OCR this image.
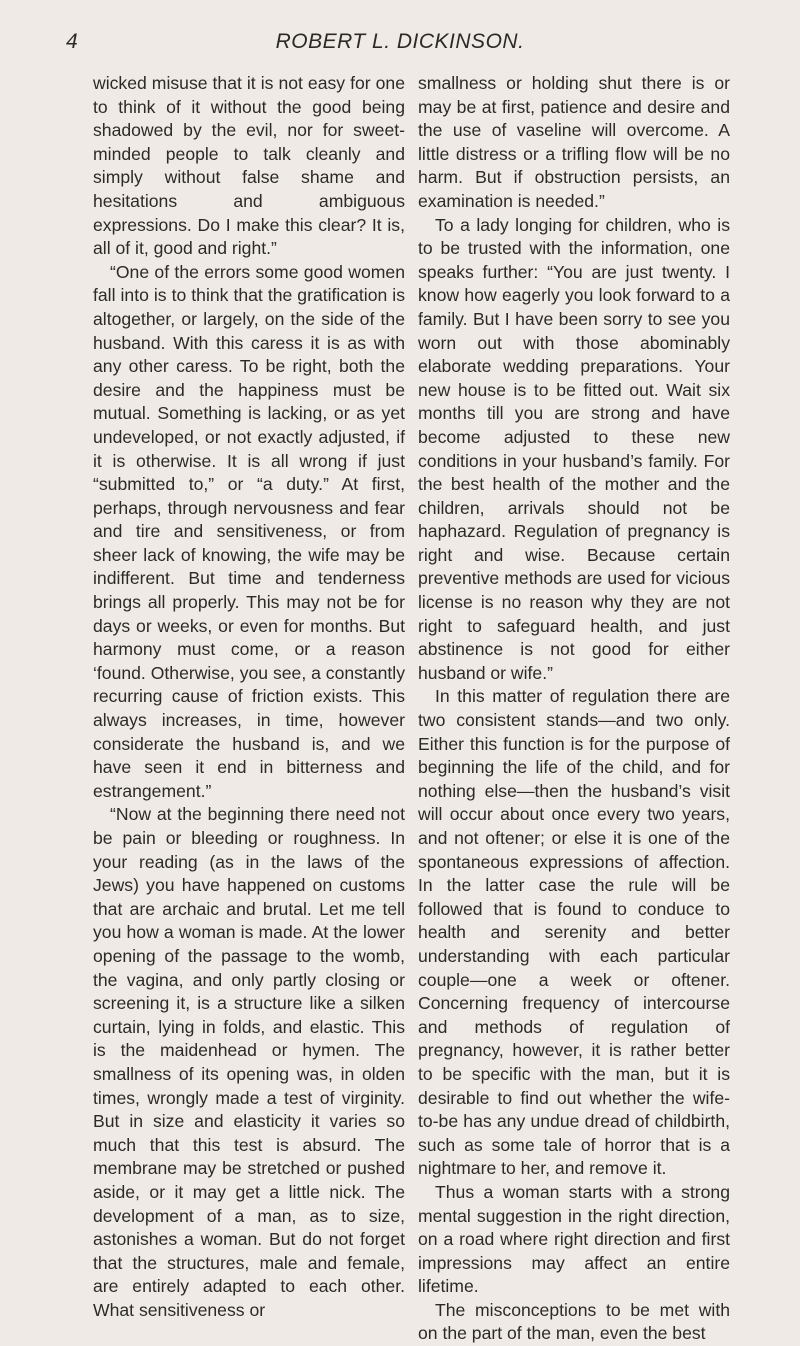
4	ROBERT L. DICKINSON.

wicked misuse that it is not easy for one to think of it without the good being shadowed by the evil, nor for sweet-minded people to talk cleanly and simply without false shame and hesitations and ambiguous expressions. Do I make this clear? It is, all of it, good and right.”

“One of the errors some good women fall into is to think that the gratification is altogether, or largely, on the side of the husband. With this caress it is as with any other caress. To be right, both the desire and the happiness must be mutual. Something is lacking, or as yet undeveloped, or not exactly adjusted, if it is otherwise. It is all wrong if just “submitted to,” or “a duty.” At first, perhaps, through nervousness and fear and tire and sensitiveness, or from sheer lack of knowing, the wife may be indifferent. But time and tenderness brings all properly. This may not be for days or weeks, or even for months. But harmony must come, or a reason ‘found. Otherwise, you see, a constantly recurring cause of friction exists. This always increases, in time, however considerate the husband is, and we have seen it end in bitterness and estrangement.”

“Now at the beginning there need not be pain or bleeding or roughness. In your reading (as in the laws of the Jews) you have happened on customs that are archaic and brutal. Let me tell you how a woman is made. At the lower opening of the passage to the womb, the vagina, and only partly closing or screening it, is a structure like a silken curtain, lying in folds, and elastic. This is the maidenhead or hymen. The smallness of its opening was, in olden times, wrongly made a test of virginity. But in size and elasticity it varies so much that this test is absurd. The membrane may be stretched or pushed aside, or it may get a little nick. The development of a man, as to size, astonishes a woman. But do not forget that the structures, male and female, are entirely adapted to each other. What sensitiveness or

smallness or holding shut there is or may be at first, patience and desire and the use of vaseline will overcome. A little distress or a trifling flow will be no harm. But if obstruction persists, an examination is needed.”

To a lady longing for children, who is to be trusted with the information, one speaks further: “You are just twenty. I know how eagerly you look forward to a family. But I have been sorry to see you worn out with those abominably elaborate wedding preparations. Your new house is to be fitted out. Wait six months till you are strong and have become adjusted to these new conditions in your husband’s family. For the best health of the mother and the children, arrivals should not be haphazard. Regulation of pregnancy is right and wise. Because certain preventive methods are used for vicious license is no reason why they are not right to safeguard health, and just abstinence is not good for either husband or wife.”

In this matter of regulation there are two consistent stands—and two only. Either this function is for the purpose of beginning the life of the child, and for nothing else—then the husband’s visit will occur about once every two years, and not oftener; or else it is one of the spontaneous expressions of affection. In the latter case the rule will be followed that is found to conduce to health and serenity and better understanding with each particular couple—one a week or oftener. Concerning frequency of intercourse and methods of regulation of pregnancy, however, it is rather better to be specific with the man, but it is desirable to find out whether the wife-to-be has any undue dread of childbirth, such as some tale of horror that is a nightmare to her, and remove it.

Thus a woman starts with a strong mental suggestion in the right direction, on a road where right direction and first impressions may affect an entire lifetime.

The misconceptions to be met with on the part of the man, even the best
